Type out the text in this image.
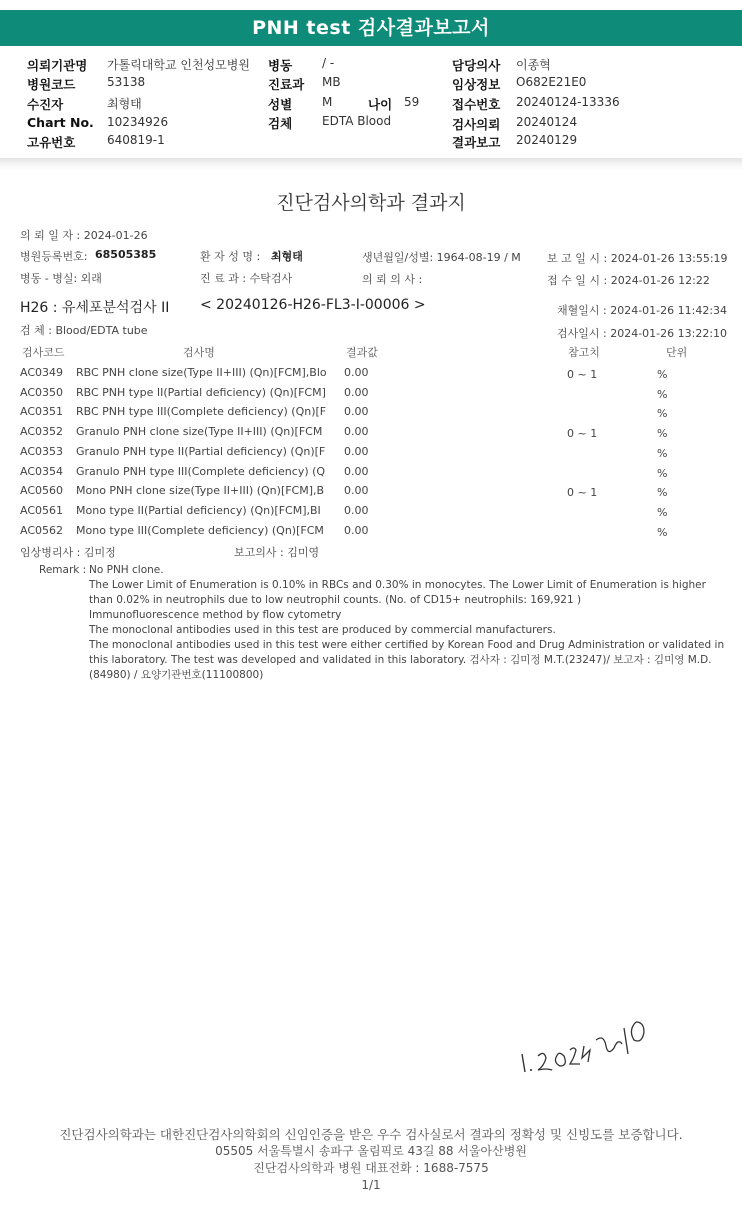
PNH test 검사결과보고서
의뢰기관명 가톨릭대학교 인천성모병원
병원코드	53138
수진자	최형태
Chart No. 10234926
고유번호	640819-1
병동 / -
진료과 MB
성별 M	나이 59
검체 EDTA Blood
담당의사 이종혁
임상정보 O682E21E0
접수번호 20240124-13336
검사의뢰 20240124
결과보고 20240129
진단검사의학과 결과지
의 뢰 일 자 : 2024-01-26
병원등록번호: 68505385	환 자 성 명 : 최형태	생년월일/성별: 1964-08-19 / M 보 고 일 시 : 2024-01-26 13:55:19
병동 - 병실: 외래	진 료 과 : 수탁검사	의 뢰 의 사 :	접 수 일 시 : 2024-01-26 12:22
H26 : 유세포분석검사 II < 20240126-H26-FL3-I-00006 >	채혈일시 : 2024-01-26 11:42:34
검 체 : Blood/EDTA tube	검사일시 : 2024-01-26 13:22:10
검사코드	검사명	결과값	참고치	단위
AC0349 RBC PNH clone size(Type II+III) (Qn)[FCM],Blo 0.00	0 ~ 1	%
AC0350 RBC PNH type II(Partial deficiency) (Qn)[FCM] 0.00	%
AC0351 RBC PNH type III(Complete deficiency) (Qn)[F 0.00	%
AC0352 Granulo PNH clone size(Type II+III) (Qn)[FCM 0.00	0 ~ 1	%
AC0353 Granulo PNH type II(Partial deficiency) (Qn)[F 0.00	%
AC0354 Granulo PNH type III(Complete deficiency) (Q 0.00	%
AC0560 Mono PNH clone size(Type II+III) (Qn)[FCM],B 0.00	0 ~ 1	%
AC0561 Mono type II(Partial deficiency) (Qn)[FCM],BI 0.00	%
AC0562 Mono type III(Complete deficiency) (Qn)[FCM 0.00	%
임상병리사 : 김미정	보고의사 : 김미영
Remark : No PNH clone.
The Lower Limit of Enumeration is 0.10% in RBCs and 0.30% in monocytes. The Lower Limit of Enumeration is higher than 0.02% in neutrophils due to low neutrophil counts. (No. of CD15+ neutrophils: 169,921 )
Immunofluorescence method by flow cytometry
The monoclonal antibodies used in this test are produced by commercial manufacturers.
The monoclonal antibodies used in this test were either certified by Korean Food and Drug Administration or validated in this laboratory. The test was developed and validated in this laboratory. 검사자 : 김미정 M.T.(23247)/ 보고자 : 김미영 M.D.(84980) / 요양기관번호(11100800)
진단검사의학과는 대한진단검사의학회의 신임인증을 받은 우수 검사실로서 결과의 정확성 및 신빙도를 보증합니다.
05505 서울특별시 송파구 올림픽로 43길 88 서울아산병원
진단검사의학과 병원 대표전화 : 1688-7575
1/1
